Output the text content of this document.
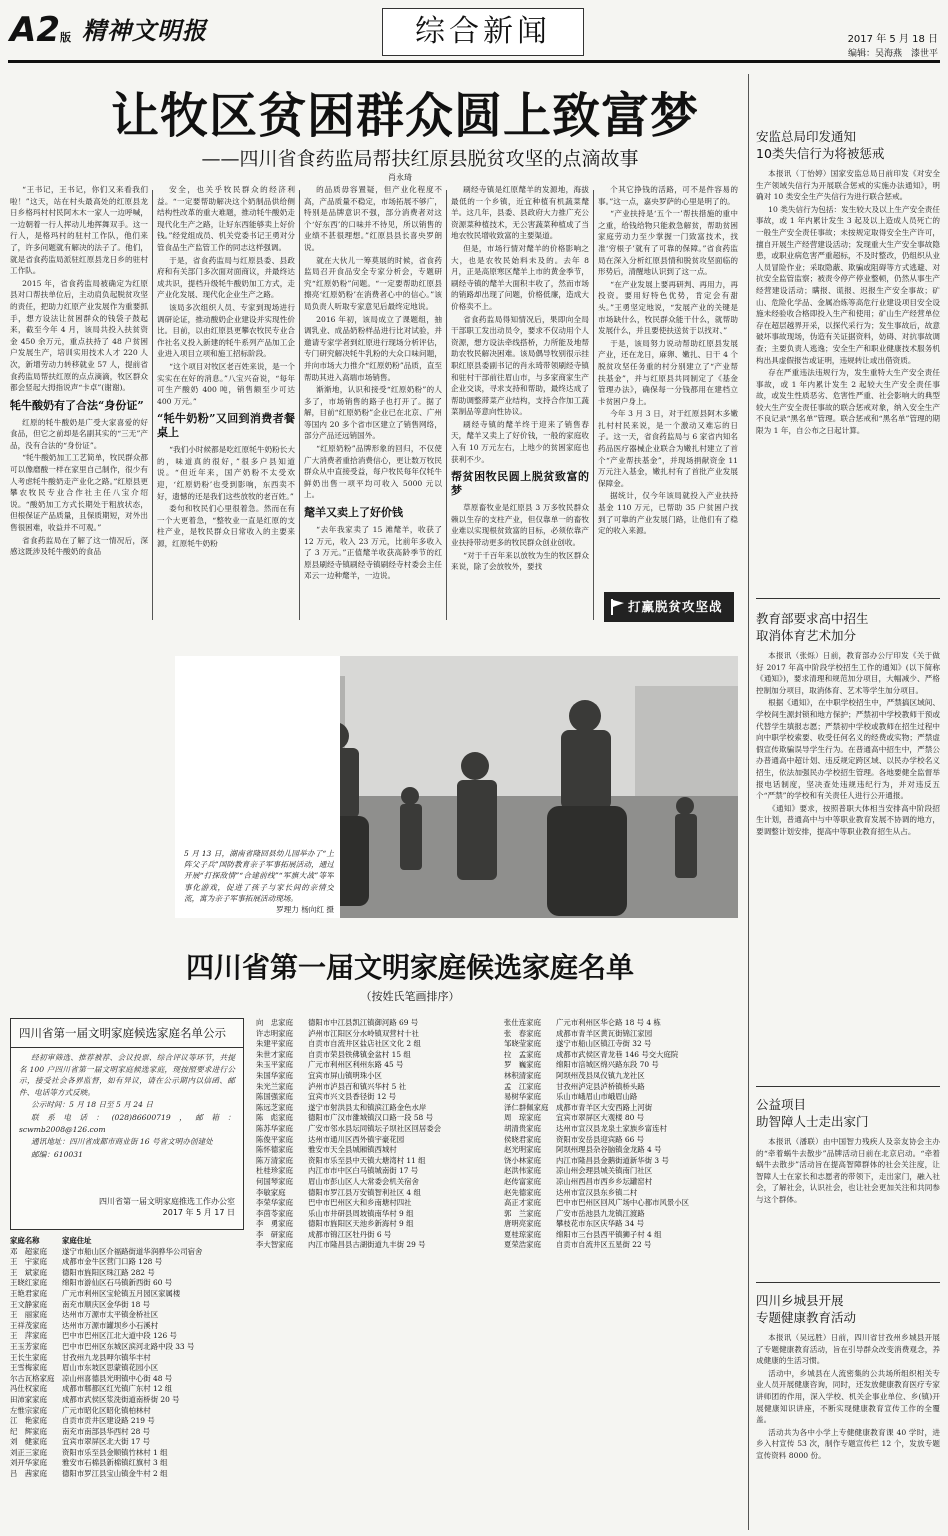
A2版 精神文明报	综合新闻	2017 年 5 月 18 日
编辑：吴海燕　漆世平
让牧区贫困群众圆上致富梦
——四川省食药监局帮扶红原县脱贫攻坚的点滴故事
肖永琦

“王书记，王书记，你们又来看我们啦！”这天，站在村头最高处的红原县龙日乡格玛村村民阿木木一家人一边呼喊，一边朝着一行人挥动儿地挥舞双手。这一行人，是格玛村的驻村工作队，他们来了，许多问题就有解决的法子了。他们，就是省食药监局派驻红原县龙日乡的驻村工作队。

2015 年，省食药监局被确定为红原县对口帮扶单位后，主动肩负起脱贫攻坚的责任，把助力红原产业发展作为重要抓手，想方设法让贫困群众的钱袋子鼓起来，截至今年 4 月，该局共投入扶贫资金 450 余万元，重点扶持了 48 户贫困户发展生产，培训实用技术人才 220 人次，新增劳动力转移就业 57 人，提前省食药监局帮扶红原的点点滴滴，牧区群众都会竖起大拇指说声“卡卓”(谢谢)。

牦牛酸奶有了合法“身份证”

红原的牦牛酸奶是广受大家喜爱的好食品，但它之前却是名副其实的“三无”产品，没有合法的“身份证”。

“牦牛酸奶加工工艺简单，牧民群众都可以像磨酸一样在家里自己制作，很少有人考虑牦牛酸奶走产业化之路。”红原县更攀农牧民专业合作社主任八宝介绍说。“酸奶加工方式长期处于粗放状态，但根保证产品质量，且保质期短，对外出售很困难，收益并不可观。”

省食药监局在了解了这一情况后，深感这既涉及牦牛酸奶的食品

安全，也关乎牧民群众的经济利益。“一定要帮助解决这个奶制品供给侧结构性改革的重大难题，推动牦牛酸奶走现代化生产之路，让好东西能够卖上好价钱。”经党组成员、机关党委书记王勇对分管食品生产监管工作的同志这样强调。

于是，省食药监局与红原县委、县政府和有关部门多次面对面商议，并最终达成共识，提档升级牦牛酸奶加工方式，走产业化发展、现代化企业生产之路。

该局多次组织人员、专家到现场进行调研论证，推动酸奶企业建设并实现性价比。目前，以由红原县更攀农牧民专业合作社名义投入新建的牦牛系列产品加工企业进入项目立项和施工招标阶段。

“这个项目对牧区老百姓来说，是一个实实在在好的消息。”八宝兴奋说，“每年可生产酸奶 400 吨，销售额至少可达 400 万元。”

“牦牛奶粉”又回到消费者餐桌上

“我们小时候都是吃红原牦牛奶粉长大的，味道真的很好，”很多户县知道说。“但近年来，国产奶粉不太受欢迎，‘红原奶粉’也受到影响，东西卖不好，遗憾的还是我们这些放牧的老百姓。”

委句和牧民们心里很着急。然而在有一个大更着急，“整牧业一直是红原的支柱产业，是牧民群众日常收入的主要来源，红原牦牛奶粉

的品质毋容置疑，但产业化程度不高，产品质量不稳定，市场拓展不够广，特别是品牌意识不强，部分消费者对这个‘好东西’的口味并不待见，所以销售的业绩不甚很理想。”红原县县长喜央罗朗说。

就在大伙儿一筹莫展的时候，省食药监局召开食品安全专家分析会，专题研究“红原奶粉”问题。“一定要帮助红原县擦亮‘红原奶粉’在消费者心中的信心。”该局负责人听取专家意见后最终定地说。

2016 年初，该局成立了课题组，抽调乳业、成品奶粉样品进行比对试验，并邀请专家学者到红原进行现场分析评估，专门研究解决牦牛乳粉的大众口味问题，并向市场大力推介“红原奶粉”品质，直至帮助其进入高端市场销售。

渐渐地，认识和接受“红原奶粉”的人多了，市场销售的路子也打开了。据了解，目前“红原奶粉”企业已在北京、广州等国内 20 多个省市区建立了销售网络，部分产品还远销国外。

“红原奶粉”品牌形象的回归，不仅使广大消费者重拾消费信心，更让数万牧民群众从中直接受益，每户牧民每年仅牦牛鲜奶出售一项平均可收入 5000 元以上。

氂羊又卖上了好价钱

“去年我家卖了 15 滩氂羊，收获了 12 万元，收入 23 万元，比前年多收入了 3 万元。”正值氂羊收获高龄季节的红原县刷经寺镇刷经寺镇刷经寺村委会主任邓云一边种氂羊，一边说。

刷经寺镇是红原氂羊的发源地，海拔最低的一个乡镇，近宜种植有机蔬菜氂羊。这几年，县委、县政府大力推广充公资源菜种植技术，无公害蔬菜种植成了当地农牧民增收致富的主要渠道。

但是，市场行情对氂羊的价格影响之大，也是农牧民始料未及的。去年 8 月，正是高原寒区氂羊上市的黄金季节，刷经寺镇的氂羊大面积丰收了，然而市场的销路却出现了问题，价格低廉，造成大价格卖不上。

省食药监局得知情况后，果即向全局干部职工发出动员令，要求不仅动用个人资源，想方设法牵线搭桥，力所能及地帮助农牧民解决困难。该局偶导牧别很示挂职红原县委副书记的肖永琦带领刷经寺镇和驻村干部前往眉山市，与多家商家生产企业交谈，寻求支持和帮助，最终达成了帮助调整滞菜产业结构，支持合作加工蔬菜制品等意向性协议。

刷经寺镇的氂羊终于迎来了销售春天，氂羊又卖上了好价钱，一般的家庭收入有 10 万元左右，上地少的贫困家庭也获利不少。

帮贫困牧民圆上脱贫致富的梦

草原畜牧业是红原县 3 万多牧民群众赖以生存的支柱产业，但仅靠单一的畜牧业难以实现根贫致富的目标，必须依靠产业扶持带动更多的牧民群众创业创收。

“对于千百年来以放牧为生的牧区群众来说，除了会放牧外，要找

个其它挣钱的活路，可不是件容易的事。”这一点，嘉央罗萨的心里是明了的。

“产业扶持是‘五个一’帮扶措施的重中之重，给钱给物只能救急解贫，帮助贫困家庭劳动力至少掌握一门致富技术，找准‘穷根子’就有了可靠的保障。”省食药监局在深入分析红原县情和脱贫攻坚面临的形势后，清醒地认识到了这一点。

“在产业发展上要再研判、再用力，再投资。要用好特色优势，肯定会有甜头。”王勇坚定地说，“发展产业的关键是市场缺什么，牧民群众能干什么，就帮助发展什么，并且要使扶送贫于以找对、”

于是，该局努力说动帮助红原县发展产业，还在龙日，麻卵、嫩扎、日干 4 个脱贫攻坚任务重的村分别建立了“产业帮扶基金”，并与红原县共同制定了《基金管理办法》，确保每一分钱都用在建档立卡贫困户身上。

今年 3 月 3 日，对于红原县阿木多嫩扎村村民来说，是一个激动又难忘的日子。这一天，省食药监局与 6 家省内知名药品医疗器械企业联合为嫩扎村建立了首个“产业帮扶基金”，并现场捐献资金 11 万元注入基金，嫩扎村有了首批产业发展保障金。

据统计，仅今年该局就投入产业扶持基金 110 万元，已帮助 35 户贫困户找到了可靠的产业发展门路，让他们有了稳定的收入来源。

打赢脱贫攻坚战
5 月 13 日，湖南省隆回县幼儿园举办了“上阵父子兵”国防教育亲子军事拓展活动，通过开展“打探敌情”“合建前线”“军旗大战”等军事化游戏，促进了孩子与家长间的亲情交流，寓为亲子军事拓展活动现场。
罗理力 杨向红 摄
四川省第一届文明家庭候选家庭名单
（按姓氏笔画排序）
四川省第一届文明家庭候选家庭名单公示

经初审筛选、推荐被荐、会议投票、综合评议等环节，共提名 100 户四川省第一届文明家庭候选家庭，现按照要求进行公示，接受社会各界监督，如有异议，请在公示期内以信函、邮件、电话等方式反映。

公示时间：5 月 18 日至 5 月 24 日

联系电话：(028)86600719，邮箱：scwmb2008@126.com

通讯地址：四川省成都市商业街 16 号省文明办创建处

邮编：610031

四川省第一届文明家庭推选工作办公室
2017 年 5 月 17 日
家庭名称	家庭住址
邓　超家庭	遂宁市船山区介福路街道华润骅华公司宿舍
王　宇家庭	成都市金牛区营门口路 128 号
王　斌家庭	德阳市旌阳区珠江路 282 号
王晓红家庭	绵阳市游仙区石马镇新西街 60 号
王艳君家庭	广元市利州区宝轮镇五月园区家属楼
王文静家庭	南充市顺庆区金华街 18 号
王　丽家庭	达州市万源市太平镇金桥社区
王祥茂家庭	达州市万源市罐坝乡小石溪村
王　萍家庭	巴中市巴州区江北大道中段 126 号
王玉芳家庭	巴中市巴州区东城区滨河北路中段 33 号
王长生家庭	甘孜州九龙县呷尔镇华丰村
王雪梅家庭	眉山市东坡区思蒙镇花园小区
尔古瓦格家庭	凉山州喜德县光明镇中心街 48 号
冯仕权家庭	成都市郫都区红光镇广东村 12 组
田沛家家庭	成都市武侯区浆洗街道南桥街 20 号
左惟宗家庭	广元市昭化区昭化镇柏林村
江　艳家庭	自贡市贡井区建设路 219 号
纪　辉家庭	南充市南部县华西村 28 号
刘　健家庭	宜宾市翠屏区北大街 17 号
刘正三家庭	资阳市乐至县金顺镇竹林村 1 组
刘开华家庭	雅安市石棉县新棉镇红旗村 3 组
吕　茜家庭	德阳市罗江县宝山镇金牛村 2 组
向　忠家庭	德阳市中江县凯江镇御河路 69 号
许志明家庭	泸州市江阳区分水岭镇双营村十社
朱建平家庭	自贡市自流井区盐店社区文化 2 组
朱世才家庭	自贡市荣县铁佛镇金盆村 15 组
朱玉平家庭	广元市利州区利州东路 45 号
朱国华家庭	宜宾市屏山镇明珠小区
朱光兰家庭	泸州市泸县百和镇兴华村 5 社
陈国强家庭	宜宾市兴文县香径街 12 号
陈远芝家庭	遂宁市射洪县太和镇滨江路金色水岸
陈　彪家庭	德阳市广汉市雒城镇汉口路一段 58 号
陈苏华家庭	广安市邻水县坛同镇坛子坝社区回居委会
陈俊平家庭	达州市通川区西外镇宇豪花园
陈怀德家庭	雅安市天全县城厢镇西城村
陈万清家庭	资阳市乐至县中天镇大塘湾村 11 组
杜桂珍家庭	内江市市中区白马镇城南街 17 号
何国琴家庭	眉山市彭山区人大常委会机关宿舍
李敏家庭	德阳市罗江县万安镇智利社区 4 组
李荣华家庭	巴中市巴州区大和乡南塘村四社
李茵苓家庭	乐山市井研县周坡镇南华村 9 组
李　勇家庭	德阳市旌阳区天池乡新海村 9 组
李　研家庭	成都市锦江区牡丹街 6 号
李大智家庭	内江市隆昌县古湖街道九丰街 29 号
张仕连家庭	广元市利州区华仑路 18 号 4 栋
张　春家庭	成都市青羊区黄瓦街锦江家园
邹晓莹家庭	遂宁市船山区镇江寺街 32 号
拉　孟家庭	成都市武侯区青龙巷 146 号交大庭院
罗　巍家庭	绵阳市涪城区绵兴路东段 70 号
林积清家庭	阿坝州茂县凤仪镇九龙社区
孟　江家庭	甘孜州泸定县泸桥镇桥头路
易树华家庭	乐山市峨眉山市峨眉山路
泽仁群佩家庭	成都市青羊区大安西路上河街
周　琼家庭	宜宾市翠屏区大观楼 80 号
胡清贵家庭	达州市宣汉县龙泉土家族乡富连村
侯晓君家庭	资阳市安岳县迎宾路 66 号
赵光明家庭	阿坝州理县杂谷脑镇金龙路 4 号
饶小林家庭	内江市隆昌县金鹅街道新华街 3 号
赵洪伟家庭	凉山州会理县城关镇南门社区
赵传富家庭	凉山州西昌市西乡乡坛罐窑村
赵先德家庭	达州市宣汉县东乡镇二村
高正才家庭	巴中市巴州区回风广场中心都市风景小区
郭　兰家庭	广安市岳池县九龙镇江渡路
唐明亮家庭	攀枝花市东区庆华路 34 号
夏桂琼家庭	绵阳市三台县西平镇狮子村 4 组
夏荣浩家庭	自贡市自流井区五星街 22 号
安监总局印发通知
10类失信行为将被惩戒

本报讯（丁怡婷）国家安监总局日前印发《对安全生产领域失信行为开展联合惩戒的实施办法通知》，明确对 10 类安全生产失信行为进行联合惩戒。

10 类失信行为包括：发生较大及以上生产安全责任事故，或 1 年内累计发生 3 起及以上造成人员死亡的一般生产安全责任事故；未按规定取得安全生产许可，擅自开展生产经营建设活动；发现重大生产安全事故隐患，或职业病危害严重超标，不及时整改，仍组织从业人员冒险作业；采取隐蔽、欺骗或阻碍等方式逃避、对抗安全监管监察；被责令停产停业整顿，仍然从事生产经营建设活动；瞒报、谎报、迟报生产安全事故；矿山、危险化学品、金属冶炼等高危行业建设项目安全设施未经验收合格即投入生产和使用；矿山生产经营单位存在超层越界开采，以探代采行为；发生事故后，故意破坏事故现场，伪造有关证据资料，妨碍、对抗事故调查；主要负责人逃逸；安全生产和职业健康技术服务机构出具虚假报告或证明，违规转让或出借资质。

存在严重违法违规行为，发生重特大生产安全责任事故，或 1 年内累计发生 2 起较大生产安全责任事故，或发生性质恶劣、危害性严重、社会影响大的典型较大生产安全责任事故的联合惩戒对象，纳入安全生产不良记录“黑名单”管理。联合惩戒和“黑名单”管理的期限为 1 年，自公布之日起计算。

教育部要求高中招生
取消体育艺术加分

本报讯（张烁）日前，教育部办公厅印发《关于做好 2017 年高中阶段学校招生工作的通知》(以下简称《通知》)，要求清理和规范加分项目，大幅减少、严格控制加分项目，取消体育、艺术等学生加分项目。

根据《通知》，在中职学校招生中，严禁搞区域间、学校间生源封锁和地方保护；严禁初中学校教师干预或代替学生填报志愿；严禁初中学校或教师在招生过程中向中职学校索要、收受任何名义的经费或实物；严禁虚假宣传欺骗误导学生行为。在普通高中招生中，严禁公办普通高中超计划、违反规定跨区域、以民办学校名义招生，依法加强民办学校招生管理。各地要健全监督举报电话制度，坚决查处违规违纪行为，并对违反五个“严禁”的学校和有关责任人进行公开通报。

《通知》要求，按照普职大体相当安排高中阶段招生计划，普通高中与中等职业教育发展不协调的地方，要调整计划安排，提高中等职业教育招生从占。

公益项目
助智障人士走出家门

本报讯（潘联）由中国智力残疾人及亲友协会主办的“牵着蜗牛去散步”品牌活动日前在北京启动。“牵着蜗牛去散步”活动旨在提高智障群体的社会关注度，让智障人士在家长和志愿者的带领下，走出家门，融入社会，了解社会，认识社会，也让社会更加关注和共同参与这个群体。

四川乡城县开展
专题健康教育活动

本报讯（吴远胜）日前，四川省甘孜州乡城县开展了专题健康教育活动，旨在引导群众改变消费观念，养成健康的生活习惯。

活动中，乡城县在人流密集的公共场所组织相关专业人员开展健康咨询，同时，还发放健康教育医疗专家讲师团的作用，深入学校、机关企事业单位、乡(镇)开展健康知识讲座，不断实现健康教育宣传工作的全覆盖。

活动共为各中小学上专健健康教育课 40 学时，进乡入村宣传 53 次，制作专题宣传栏 12 个，发放专题宣传资料 8000 份。
